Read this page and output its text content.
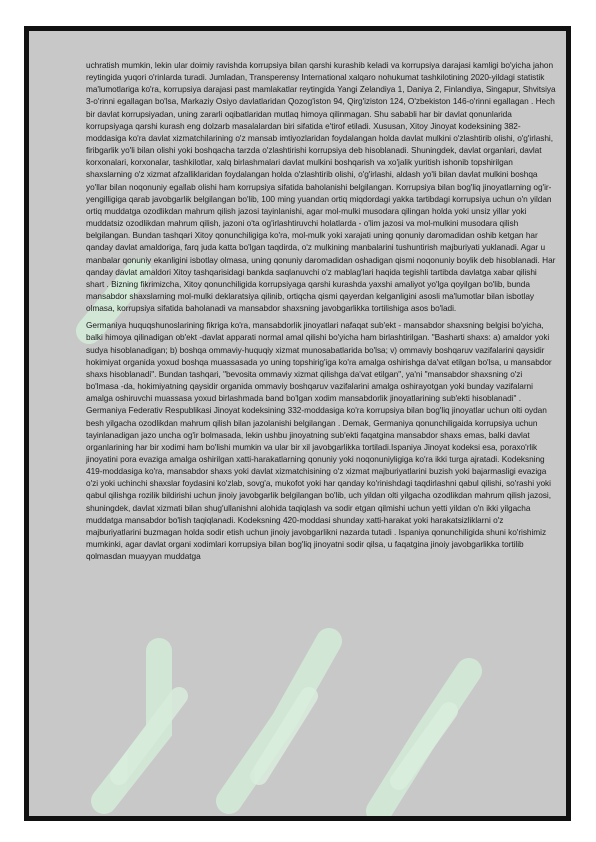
uchratish mumkin, lekin ular doimiy ravishda korrupsiya bilan qarshi kurashib keladi va korrupsiya darajasi kamligi bo'yicha jahon reytingida yuqori o'rinlarda turadi. Jumladan, Transperensy International xalqaro nohukumat tashkilotining 2020-yildagi statistik ma'lumotlariga ko'ra, korrupsiya darajasi past mamlakatlar reytingida Yangi Zelandiya 1, Daniya 2, Finlandiya, Singapur, Shvitsiya 3-o'rinni egallagan bo'lsa, Markaziy Osiyo davlatlaridan Qozog'iston 94, Qirg'iziston 124, O'zbekiston 146-o'rinni egallagan . Hech bir davlat korrupsiyadan, uning zararli oqibatlaridan mutlaq himoya qilinmagan. Shu sababli har bir davlat qonunlarida korrupsiyaga qarshi kurash eng dolzarb masalalardan biri sifatida e'tirof etiladi. Xususan, Xitoy Jinoyat kodeksining 382-moddasiga ko'ra davlat xizmatchilarining o'z mansab imtiyozlaridan foydalangan holda davlat mulkini o'zlashtirib olishi, o'g'irlashi, firibgarlik yo'li bilan olishi yoki boshqacha tarzda o'zlashtirishi korrupsiya deb hisoblanadi. Shuningdek, davlat organlari, davlat korxonalari, korxonalar, tashkilotlar, xalq birlashmalari davlat mulkini boshqarish va xo'jalik yuritish ishonib topshirilgan shaxslarning o'z xizmat afzalliklaridan foydalangan holda o'zlashtirib olishi, o'g'irlashi, aldash yo'li bilan davlat mulkini boshqa yo'llar bilan noqonuniy egallab olishi ham korrupsiya sifatida baholanishi belgilangan. Korrupsiya bilan bog'liq jinoyatlarning og'ir-yengilligiga qarab javobgarlik belgilangan bo'lib, 100 ming yuandan ortiq miqdordagi yakka tartibdagi korrupsiya uchun o'n yildan ortiq muddatga ozodlikdan mahrum qilish jazosi tayinlanishi, agar mol-mulki musodara qilingan holda yoki unsiz yillar yoki muddatsiz ozodlikdan mahrum qilish, jazoni o'ta og'irlashtiruvchi holatlarda - o'lim jazosi va mol-mulkini musodara qilish belgilangan. Bundan tashqari Xitoy qonunchiligiga ko'ra, mol-mulk yoki xarajati uning qonuniy daromadidan oshib ketgan har qanday davlat amaldoriga, farq juda katta bo'lgan taqdirda, o'z mulkining manbalarini tushuntirish majburiyati yuklanadi. Agar u manbalar qonuniy ekanligini isbotlay olmasa, uning qonuniy daromadidan oshadigan qismi noqonuniy boylik deb hisoblanadi. Har qanday davlat amaldori Xitoy tashqarisidagi bankda saqlanuvchi o'z mablag'lari haqida tegishli tartibda davlatga xabar qilishi shart . Bizning fikrimizcha, Xitoy qonunchiligida korrupsiyaga qarshi kurashda yaxshi amaliyot yo'lga qoyilgan bo'lib, bunda mansabdor shaxslarning mol-mulki deklaratsiya qilinib, ortiqcha qismi qayerdan kelganligini asosli ma'lumotlar bilan isbotlay olmasa, korrupsiya sifatida baholanadi va mansabdor shaxsning javobgarlikka tortilishiga asos bo'ladi.

Germaniya huquqshunoslarining fikriga ko'ra, mansabdorlik jinoyatlari nafaqat sub'ekt - mansabdor shaxsning belgisi bo'yicha, balki himoya qilinadigan ob'ekt -davlat apparati normal amal qilishi bo'yicha ham birlashtirilgan. "Basharti shaxs: a) amaldor yoki sudya hisoblanadigan; b) boshqa ommaviy-huquqiy xizmat munosabatlarida bo'lsa; v) ommaviy boshqaruv vazifalarini qaysidir hokimiyat organida yoxud boshqa muassasada yo uning topshirig'iga ko'ra amalga oshirishga da'vat etilgan bo'lsa, u mansabdor shaxs hisoblanadi". Bundan tashqari, "bevosita ommaviy xizmat qilishga da'vat etilgan", ya'ni "mansabdor shaxsning o'zi bo'lmasa -da, hokimiyatning qaysidir organida ommaviy boshqaruv vazifalarini amalga oshirayotgan yoki bunday vazifalarni amalga oshiruvchi muassasa yoxud birlashmada band bo'lgan xodim mansabdorlik jinoyatlarining sub'ekti hisoblanadi" . Germaniya Federativ Respublikasi Jinoyat kodeksining 332-moddasiga ko'ra korrupsiya bilan bog'liq jinoyatlar uchun olti oydan besh yilgacha ozodlikdan mahrum qilish bilan jazolanishi belgilangan . Demak, Germaniya qonunchiligaida korrupsiya uchun tayinlanadigan jazo uncha og'ir bolmasada, lekin ushbu jinoyatning sub'ekti faqatgina mansabdor shaxs emas, balki davlat organlarining har bir xodimi ham bo'lishi mumkin va ular bir xil javobgarlikka tortiladi.Ispaniya Jinoyat kodeksi esa, poraxo'rlik jinoyatini pora evaziga amalga oshirilgan xatti-harakatlarning qonuniy yoki noqonuniyligiga ko'ra ikki turga ajratadi. Kodeksning 419-moddasiga ko'ra, mansabdor shaxs yoki davlat xizmatchisining o'z xizmat majburiyatlarini buzish yoki bajarmasligi evaziga o'zi yoki uchinchi shaxslar foydasini ko'zlab, sovg'a, mukofot yoki har qanday ko'rinishdagi taqdirlashni qabul qilishi, so'rashi yoki qabul qilishga rozilik bildirishi uchun jinoiy javobgarlik belgilangan bo'lib, uch yildan olti yilgacha ozodlikdan mahrum qilish jazosi, shuningdek, davlat xizmati bilan shug'ullanishni alohida taqiqlash va sodir etgan qilmishi uchun yetti yildan o'n ikki yilgacha muddatga mansabdor bo'lish taqiqlanadi. Kodeksning 420-moddasi shunday xatti-harakat yoki harakatsizliklarni o'z majburiyatlarini buzmagan holda sodir etish uchun jinoiy javobgarlikni nazarda tutadi . Ispaniya qonunchiligida shuni ko'rishimiz mumkinki, agar davlat organi xodimlari korrupsiya bilan bog'liq jinoyatni sodir qilsa, u faqatgina jinoiy javobgarlikka tortilib qolmasdan muayyan muddatga
